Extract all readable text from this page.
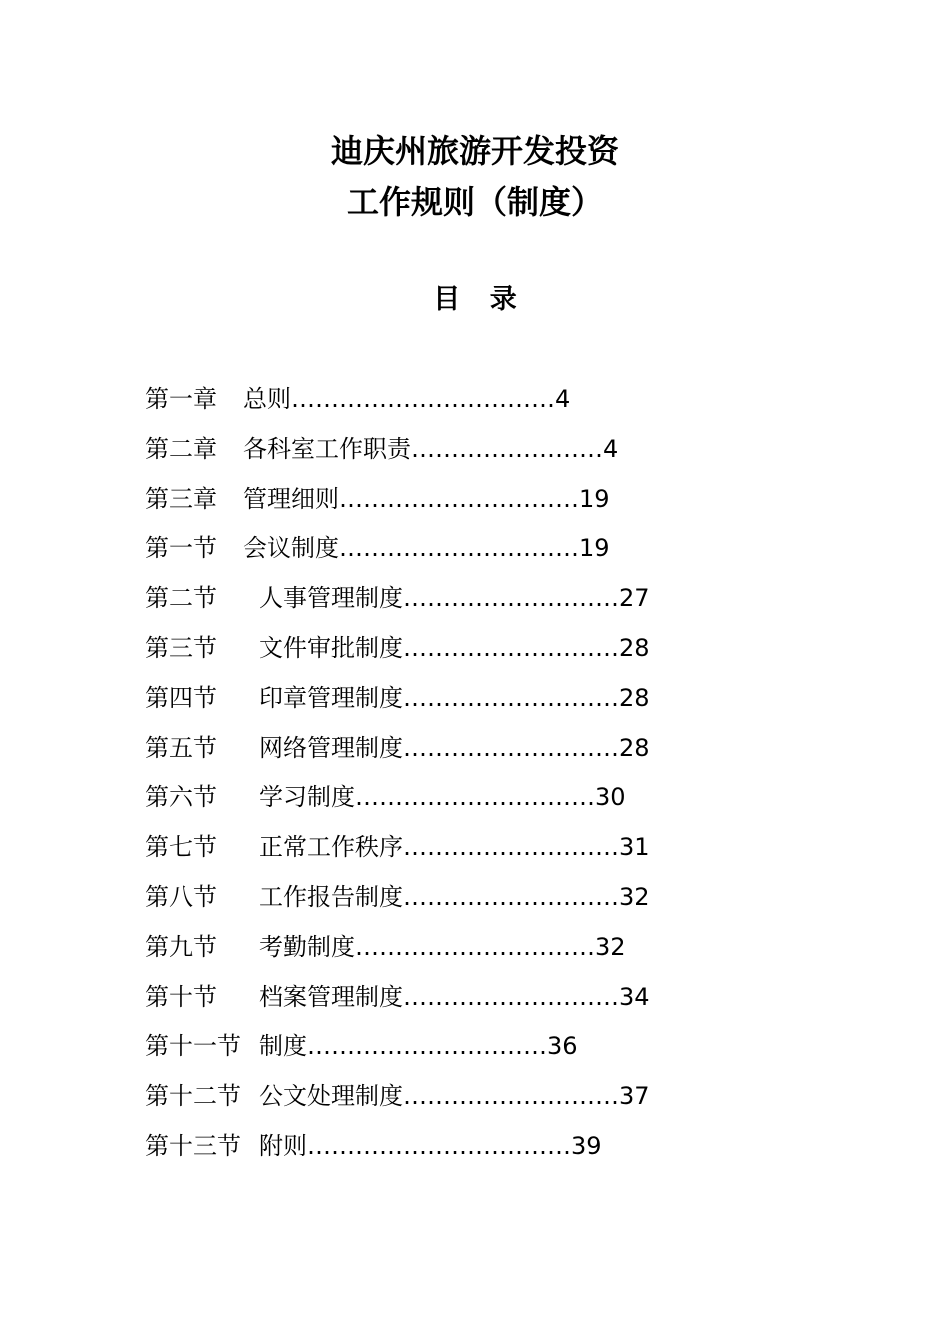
迪庆州旅游开发投资
工作规则（制度）
目 录
第一章 总则……………………………4
第二章 各科室工作职责……………………4
第三章 管理细则…………………………19
第一节 会议制度…………………………19
第二节 人事管理制度………………………27
第三节 文件审批制度………………………28
第四节 印章管理制度………………………28
第五节 网络管理制度………………………28
第六节 学习制度…………………………30
第七节 正常工作秩序………………………31
第八节 工作报告制度………………………32
第九节 考勤制度…………………………32
第十节 档案管理制度………………………34
第十一节 制度…………………………36
第十二节 公文处理制度………………………37
第十三节 附则……………………………39
